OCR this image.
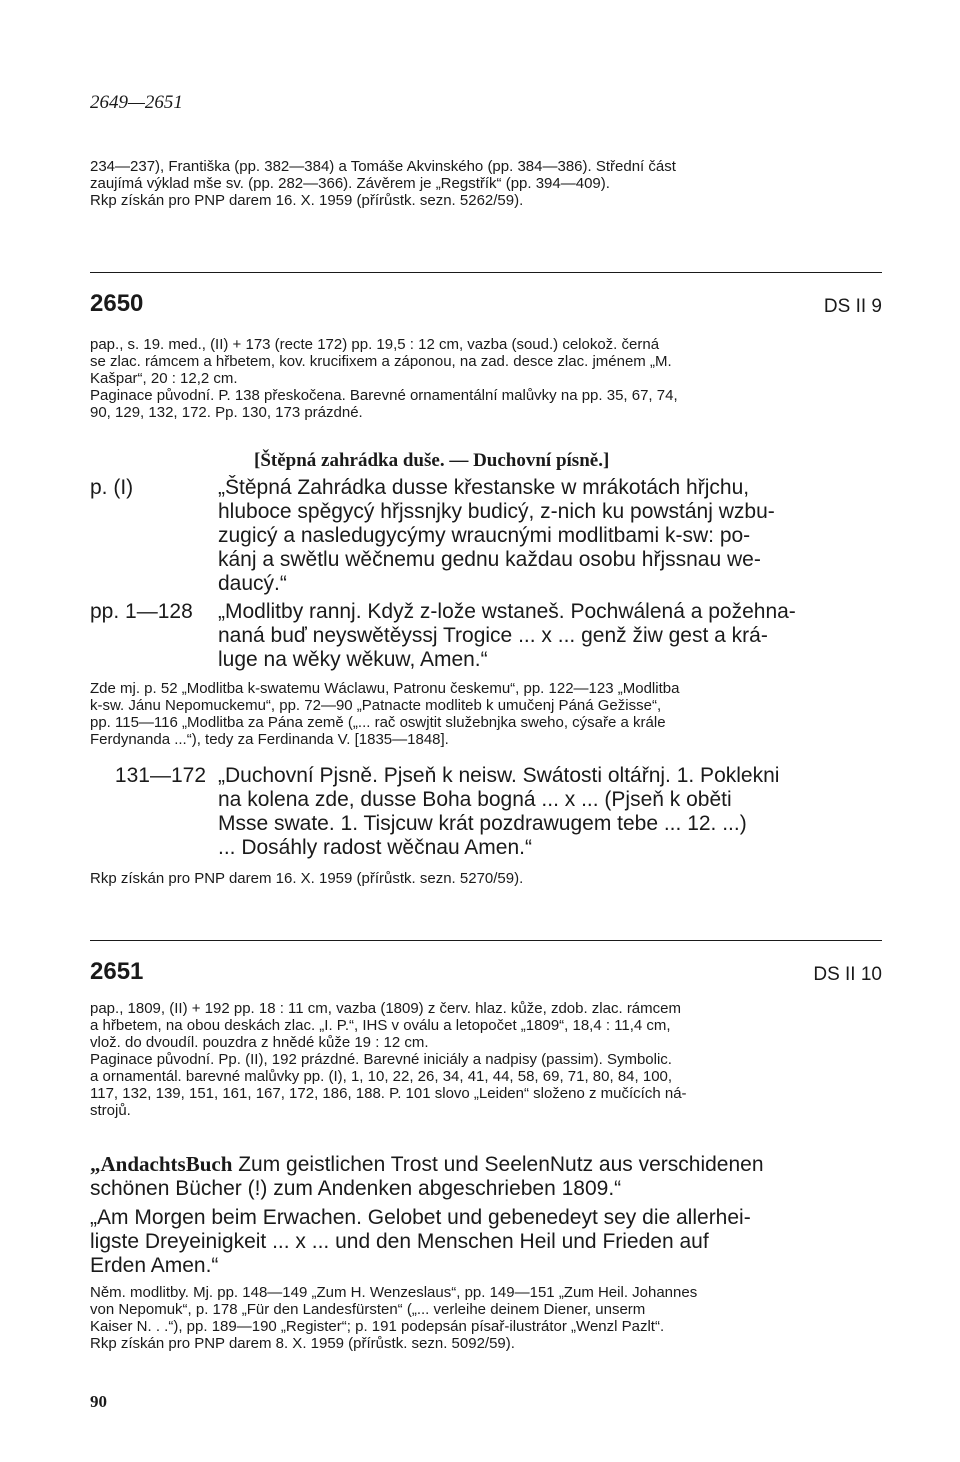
2649—2651
234—237), Františka (pp. 382—384) a Tomáše Akvinského (pp. 384—386). Střední část
zaujímá výklad mše sv. (pp. 282—366). Závěrem je „Regstřík“ (pp. 394—409).
Rkp získán pro PNP darem 16. X. 1959 (přírůstk. sezn. 5262/59).
2650	DS II 9
pap., s. 19. med., (II) + 173 (recte 172) pp. 19,5 : 12 cm, vazba (soud.) celokož. černá
se zlac. rámcem a hřbetem, kov. krucifixem a záponou, na zad. desce zlac. jménem „M.
Kašpar“, 20 : 12,2 cm.
Paginace původní. P. 138 přeskočena. Barevné ornamentální malůvky na pp. 35, 67, 74,
90, 129, 132, 172. Pp. 130, 173 prázdné.
[Štěpná zahrádka duše. — Duchovní písně.]
p. (I)	„Štěpná Zahrádka dusse křestanske w mrákotách hřjchu,
hluboce spěgycý hřjssnjky budicý, z-nich ku powstánj wzbu-
zugicý a nasledugycýmy wraucnými modlitbami k-sw: po-
kánj a swětlu wěčnemu gednu každau osobu hřjssnau we-
daucý.“
pp. 1—128	„Modlitby rannj. Když z-lože wstaneš. Pochwálená a požehna-
naná buď neyswětěyssj Trogice ... x ... genž žiw gest a krá-
luge na wěky wěkuw, Amen.“
Zde mj. p. 52 „Modlitba k-swatemu Wáclawu, Patronu českemu“, pp. 122—123 „Modlitba
k-sw. Jánu Nepomuckemu“, pp. 72—90 „Patnacte modliteb k umučenj Páná Gežisse“,
pp. 115—116 „Modlitba za Pána země („... rač oswjtit služebnjka sweho, cýsaře a krále
Ferdynanda ...“), tedy za Ferdinanda V. [1835—1848].
131—172 „Duchovní Pjsně. Pjseň k neisw. Swátosti oltářnj. 1. Poklekni
na kolena zde, dusse Boha bogná ... x ... (Pjseň k oběti
Msse swate. 1. Tisjcuw krát pozdrawugem tebe ... 12. ...)
... Dosáhly radost wěčnau Amen.“
Rkp získán pro PNP darem 16. X. 1959 (přírůstk. sezn. 5270/59).
2651	DS II 10
pap., 1809, (II) + 192 pp. 18 : 11 cm, vazba (1809) z červ. hlaz. kůže, zdob. zlac. rámcem
a hřbetem, na obou deskách zlac. „I. P.“, IHS v oválu a letopočet „1809“, 18,4 : 11,4 cm,
vlož. do dvoudíl. pouzdra z hnědé kůže 19 : 12 cm.
Paginace původní. Pp. (II), 192 prázdné. Barevné iniciály a nadpisy (passim). Symbolic.
a ornamentál. barevné malůvky pp. (I), 1, 10, 22, 26, 34, 41, 44, 58, 69, 71, 80, 84, 100,
117, 132, 139, 151, 161, 167, 172, 186, 188. P. 101 slovo „Leiden“ složeno z mučících ná-
strojů.
„AndachtsBuch Zum geistlichen Trost und SeelenNutz aus verschidenen
schönen Bücher (!) zum Andenken abgeschrieben 1809.“
„Am Morgen beim Erwachen. Gelobet und gebenedeyt sey die allerhei-
ligste Dreyeinigkeit ... x ... und den Menschen Heil und Frieden auf
Erden Amen.“
Něm. modlitby. Mj. pp. 148—149 „Zum H. Wenzeslaus“, pp. 149—151 „Zum Heil. Johannes
von Nepomuk“, p. 178 „Für den Landesfürsten“ („... verleihe deinem Diener, unserm
Kaiser N. . .“), pp. 189—190 „Register“; p. 191 podepsán písař-ilustrátor „Wenzl Pazlt“.
Rkp získán pro PNP darem 8. X. 1959 (přírůstk. sezn. 5092/59).
90
